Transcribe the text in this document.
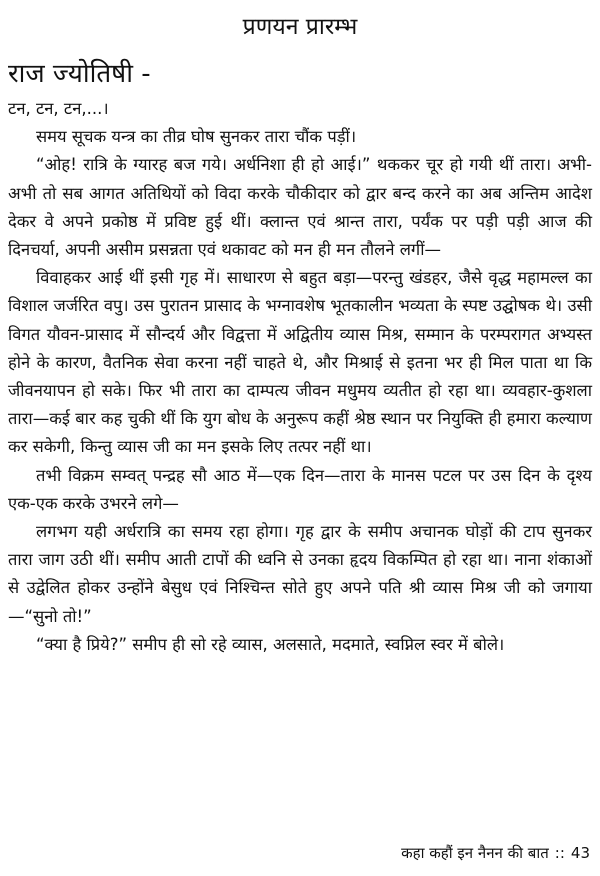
प्रणयन प्रारम्भ
राज ज्योतिषी -

टन, टन, टन,...।

समय सूचक यन्त्र का तीव्र घोष सुनकर तारा चौंक पड़ीं।

“ओह! रात्रि के ग्यारह बज गये। अर्धनिशा ही हो आई।” थककर चूर हो गयी थीं तारा। अभी-अभी तो सब आगत अतिथियों को विदा करके चौकीदार को द्वार बन्द करने का अब अन्तिम आदेश देकर वे अपने प्रकोष्ठ में प्रविष्ट हुई थीं। क्लान्त एवं श्रान्त तारा, पर्यंक पर पड़ी पड़ी आज की दिनचर्या, अपनी असीम प्रसन्नता एवं थकावट को मन ही मन तौलने लगीं—

विवाहकर आई थीं इसी गृह में। साधारण से बहुत बड़ा—परन्तु खंडहर, जैसे वृद्ध महामल्ल का विशाल जर्जरित वपु। उस पुरातन प्रासाद के भग्नावशेष भूतकालीन भव्यता के स्पष्ट उद्घोषक थे। उसी विगत यौवन-प्रासाद में सौन्दर्य और विद्वत्ता में अद्वितीय व्यास मिश्र, सम्मान के परम्परागत अभ्यस्त होने के कारण, वैतनिक सेवा करना नहीं चाहते थे, और मिश्राई से इतना भर ही मिल पाता था कि जीवनयापन हो सके। फिर भी तारा का दाम्पत्य जीवन मधुमय व्यतीत हो रहा था। व्यवहार-कुशला तारा—कई बार कह चुकी थीं कि युग बोध के अनुरूप कहीं श्रेष्ठ स्थान पर नियुक्ति ही हमारा कल्याण कर सकेगी, किन्तु व्यास जी का मन इसके लिए तत्पर नहीं था।

तभी विक्रम सम्वत् पन्द्रह सौ आठ में—एक दिन—तारा के मानस पटल पर उस दिन के दृश्य एक-एक करके उभरने लगे—

लगभग यही अर्धरात्रि का समय रहा होगा। गृह द्वार के समीप अचानक घोड़ों की टाप सुनकर तारा जाग उठी थीं। समीप आती टापों की ध्वनि से उनका हृदय विकम्पित हो रहा था। नाना शंकाओं से उद्वेलित होकर उन्होंने बेसुध एवं निश्चिन्त सोते हुए अपने पति श्री व्यास मिश्र जी को जगाया—“सुनो तो!”

“क्या है प्रिये?” समीप ही सो रहे व्यास, अलसाते, मदमाते, स्वप्निल स्वर में बोले।

कहा कहौं इन नैनन की बात :: 43
